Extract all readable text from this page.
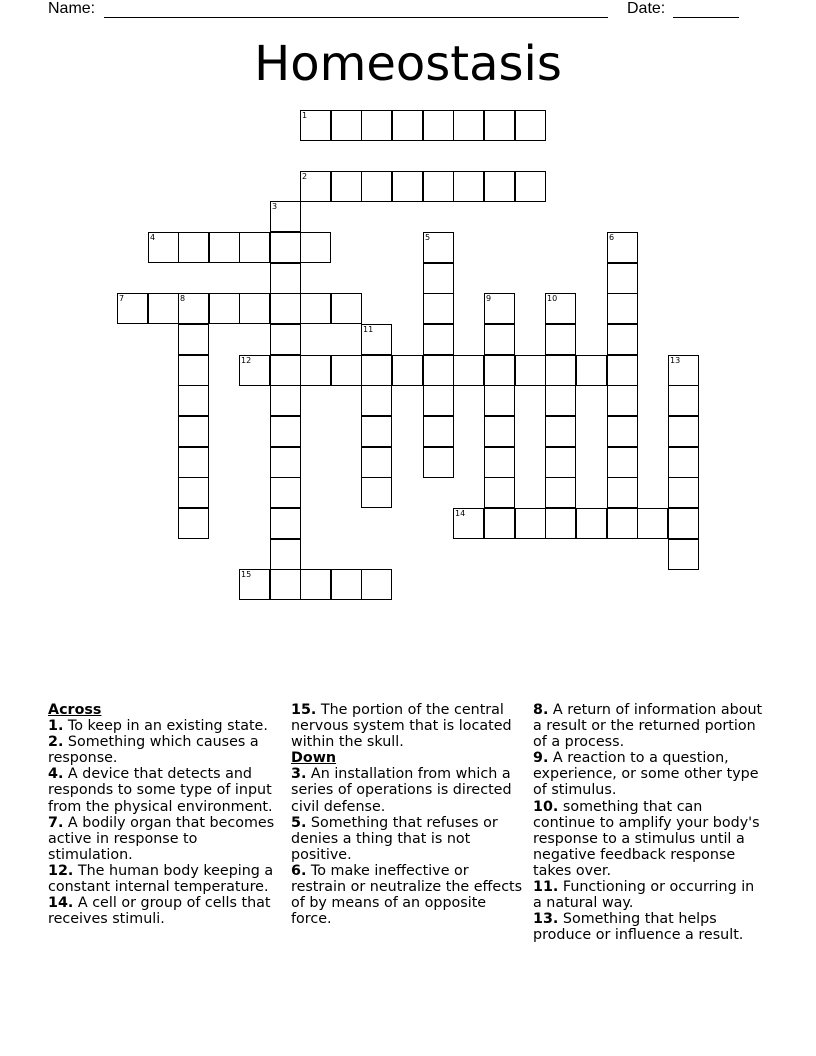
Name:	Date:
Homeostasis
1
2
3
4	5	6
7	8	9	10
11
12	13
14
15
Across
1. To keep in an existing state.
2. Something which causes a response.
4. A device that detects and responds to some type of input from the physical environment.
7. A bodily organ that becomes active in response to stimulation.
12. The human body keeping a constant internal temperature.
14. A cell or group of cells that receives stimuli.
15. The portion of the central nervous system that is located within the skull.
Down
3. An installation from which a series of operations is directed civil defense.
5. Something that refuses or denies a thing that is not positive.
6. To make ineffective or restrain or neutralize the effects of by means of an opposite force.
8. A return of information about a result or the returned portion of a process.
9. A reaction to a question, experience, or some other type of stimulus.
10. something that can continue to amplify your body's response to a stimulus until a negative feedback response takes over.
11. Functioning or occurring in a natural way.
13. Something that helps produce or influence a result.
